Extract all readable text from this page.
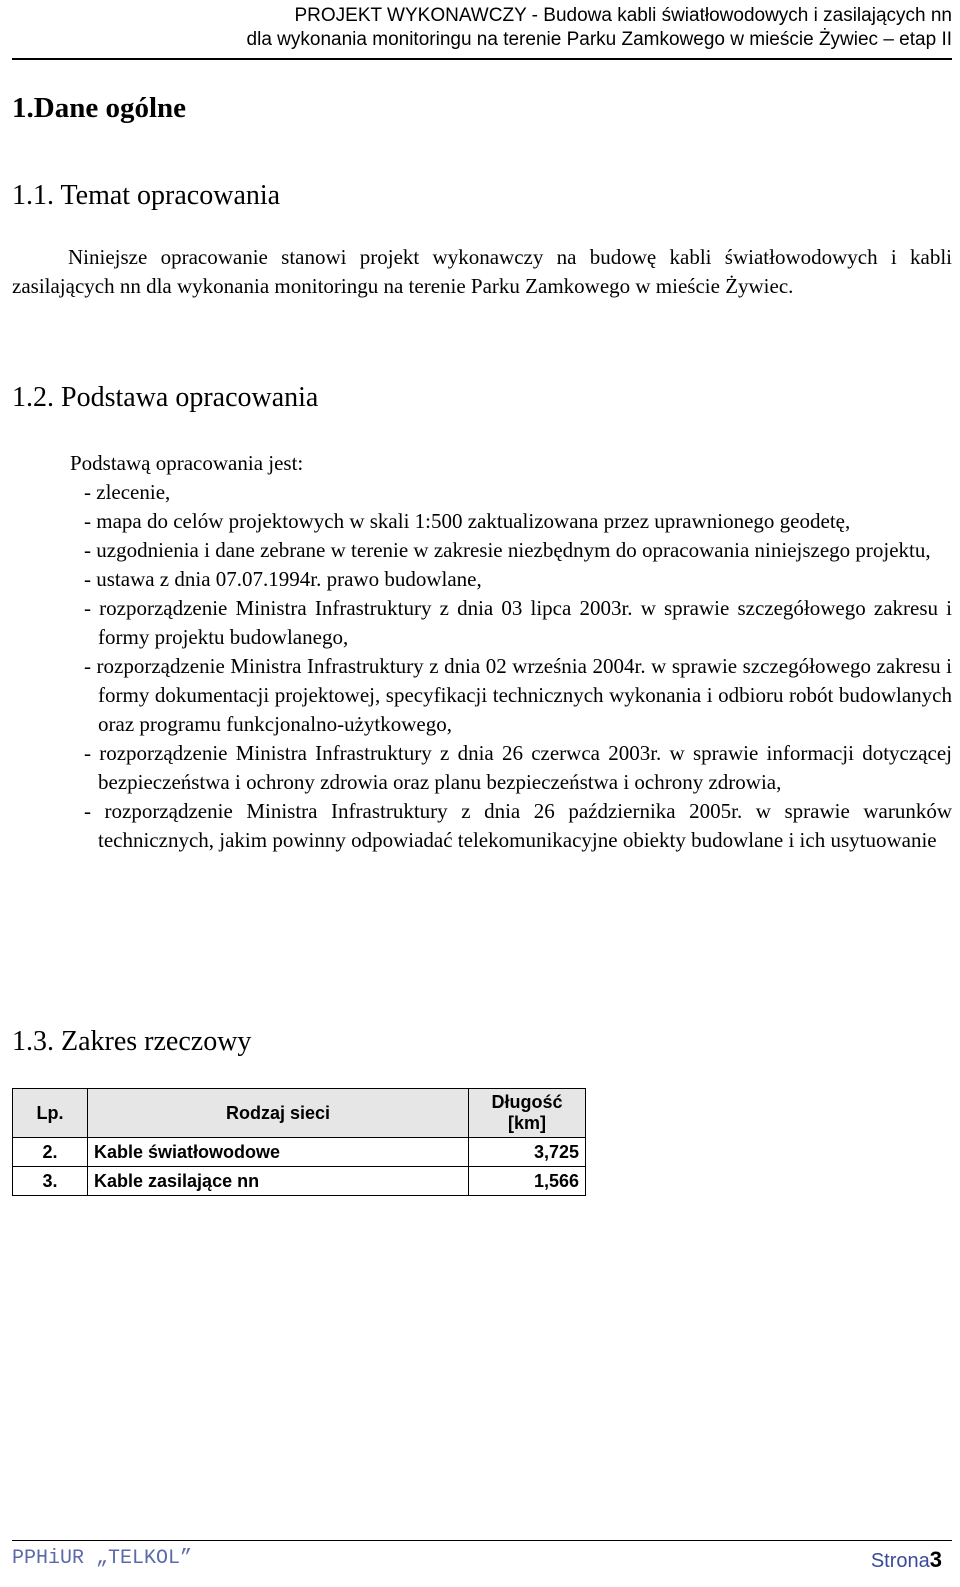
PROJEKT WYKONAWCZY - Budowa kabli światłowodowych i zasilających nn
dla wykonania monitoringu na terenie Parku Zamkowego w mieście Żywiec – etap II
1.Dane ogólne
1.1. Temat opracowania

Niniejsze opracowanie stanowi projekt wykonawczy na budowę kabli światłowodowych i kabli zasilających nn dla wykonania monitoringu na terenie Parku Zamkowego w mieście Żywiec.

1.2. Podstawa opracowania

Podstawą opracowania jest:

- zlecenie,
- mapa do celów projektowych w skali 1:500 zaktualizowana przez uprawnionego geodetę,
- uzgodnienia i dane zebrane w terenie w zakresie niezbędnym do opracowania niniejszego projektu,
- ustawa z dnia 07.07.1994r. prawo budowlane,
- rozporządzenie Ministra Infrastruktury z dnia 03 lipca 2003r. w sprawie szczegółowego zakresu i formy projektu budowlanego,
- rozporządzenie Ministra Infrastruktury z dnia 02 września 2004r. w sprawie szczegółowego zakresu i formy dokumentacji projektowej, specyfikacji technicznych wykonania i odbioru robót budowlanych oraz programu funkcjonalno-użytkowego,
- rozporządzenie Ministra Infrastruktury z dnia 26 czerwca 2003r. w sprawie informacji dotyczącej bezpieczeństwa i ochrony zdrowia oraz planu bezpieczeństwa i ochrony zdrowia,
- rozporządzenie Ministra Infrastruktury z dnia 26 października 2005r. w sprawie warunków technicznych, jakim powinny odpowiadać telekomunikacyjne obiekty budowlane i ich usytuowanie
1.3. Zakres rzeczowy
Lp.	Rodzaj sieci	Długość [km]
2.	Kable światłowodowe	3,725
3.	Kable zasilające nn	1,566
PPHiUR „TELKOL”	Strona3
